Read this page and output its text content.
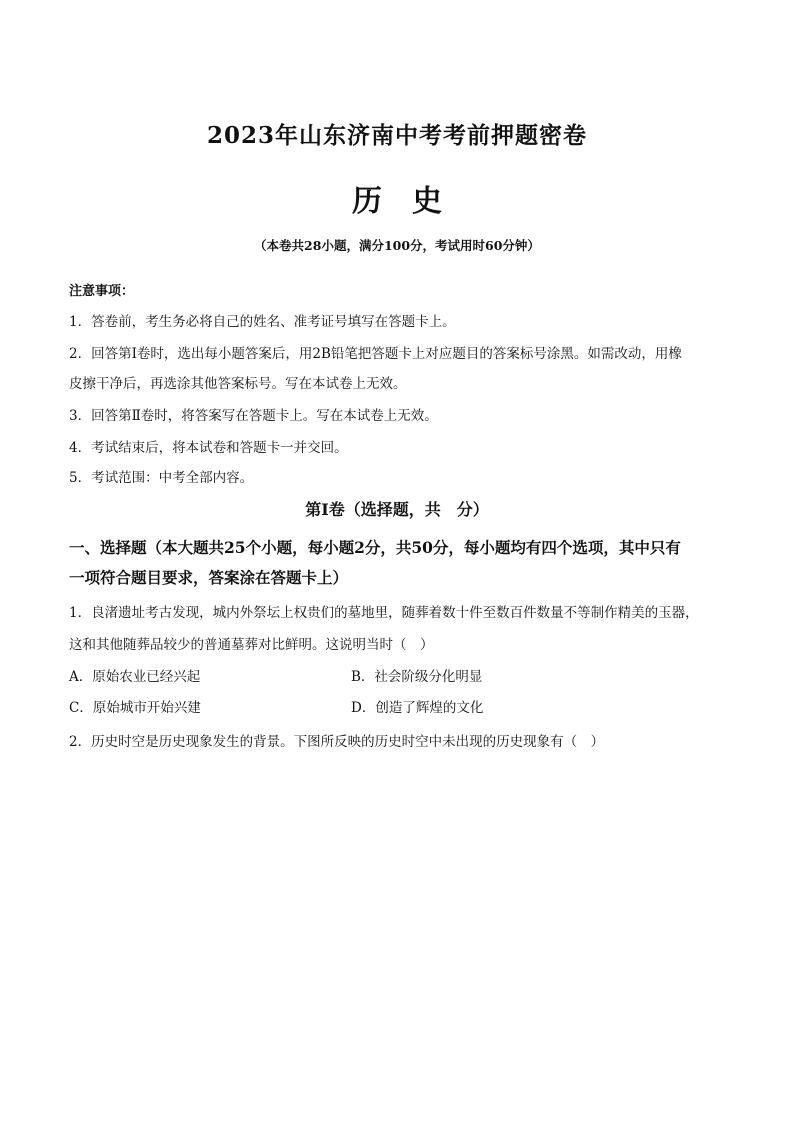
2023年山东济南中考考前押题密卷
历史
（本卷共28小题，满分100分，考试用时60分钟）
注意事项：
1．答卷前，考生务必将自己的姓名、准考证号填写在答题卡上。
2．回答第Ⅰ卷时，选出每小题答案后，用2B铅笔把答题卡上对应题目的答案标号涂黑。如需改动，用橡
皮擦干净后，再选涂其他答案标号。写在本试卷上无效。
3．回答第Ⅱ卷时，将答案写在答题卡上。写在本试卷上无效。
4．考试结束后，将本试卷和答题卡一并交回。
5．考试范围：中考全部内容。
第Ⅰ卷（选择题，共　分）
一、选择题（本大题共25个小题，每小题2分，共50分，每小题均有四个选项，其中只有
一项符合题目要求，答案涂在答题卡上）
1．良渚遗址考古发现，城内外祭坛上权贵们的墓地里，随葬着数十件至数百件数量不等制作精美的玉器，
这和其他随葬品较少的普通墓葬对比鲜明。这说明当时（　）
A．原始农业已经兴起	B．社会阶级分化明显
C．原始城市开始兴建	D．创造了辉煌的文化
2．历史时空是历史现象发生的背景。下图所反映的历史时空中未出现的历史现象有（　）
